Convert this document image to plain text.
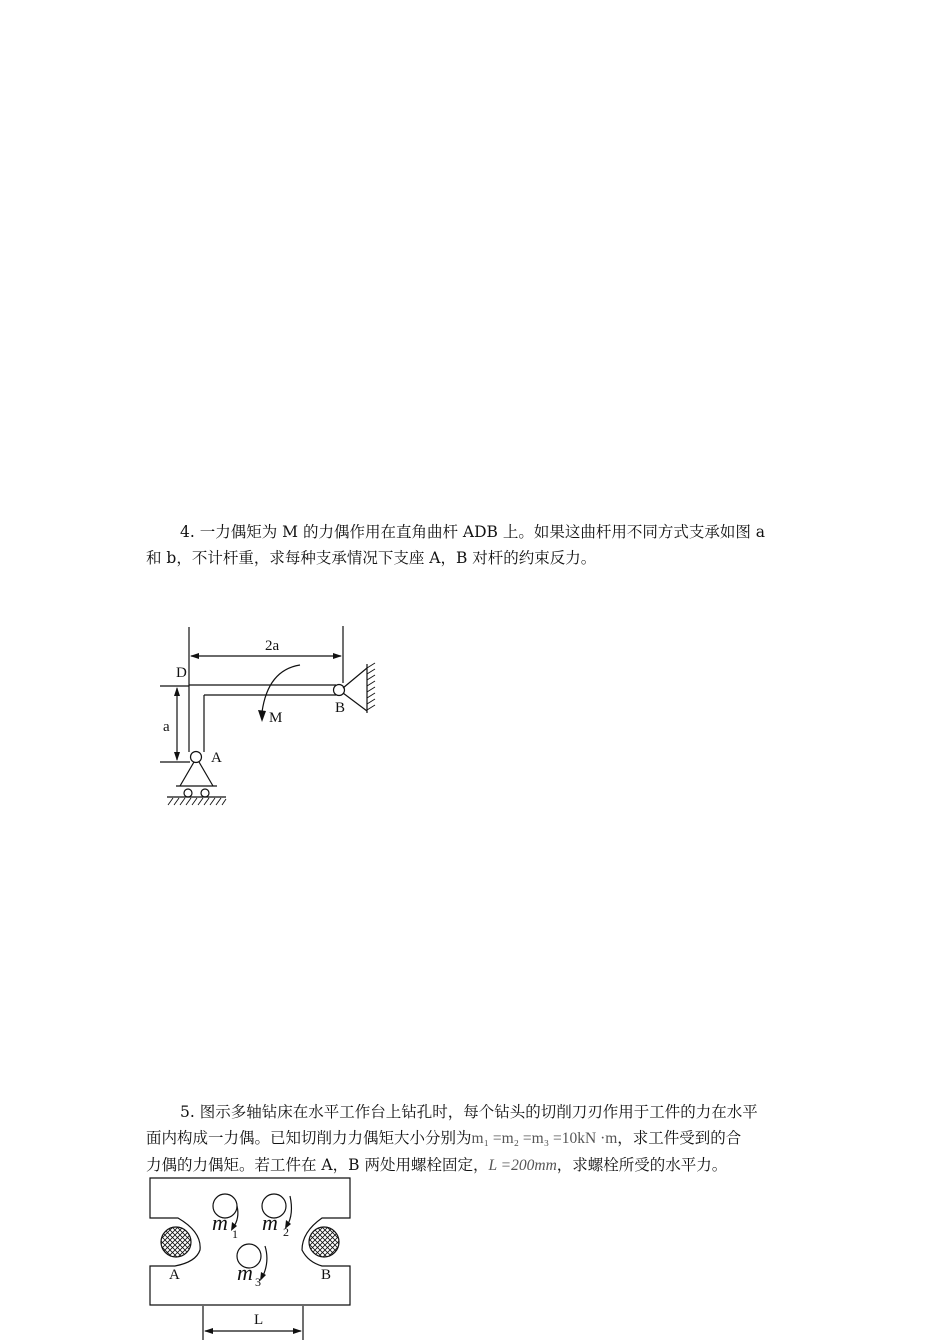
4. 一力偶矩为 M 的力偶作用在直角曲杆 ADB 上。如果这曲杆用不同方式支承如图 a
和 b，不计杆重，求每种支承情况下支座 A，B 对杆的约束反力。
2a
D
B
M
a
A
5. 图示多轴钻床在水平工作台上钻孔时，每个钻头的切削刀刃作用于工件的力在水平
面内构成一力偶。已知切削力力偶矩大小分别为m₁ =m₂ =m₃ =10kN ·m，求工件受到的合
力偶的力偶矩。若工件在 A，B 两处用螺栓固定，L =200mm，求螺栓所受的水平力。
m m
m
1	2
3
A	B
L
